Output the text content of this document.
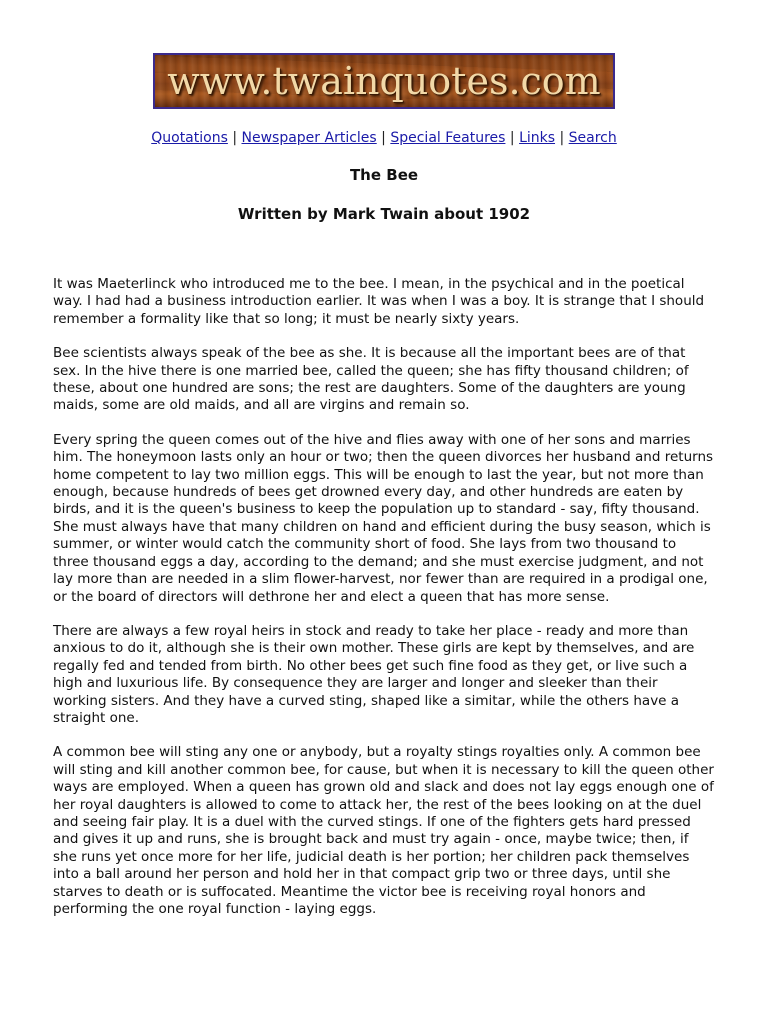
www.twainquotes.com
Quotations | Newspaper Articles | Special Features | Links | Search
The Bee
Written by Mark Twain about 1902

It was Maeterlinck who introduced me to the bee. I mean, in the psychical and in the poetical way. I had had a business introduction earlier. It was when I was a boy. It is strange that I should remember a formality like that so long; it must be nearly sixty years.

Bee scientists always speak of the bee as she. It is because all the important bees are of that sex. In the hive there is one married bee, called the queen; she has fifty thousand children; of these, about one hundred are sons; the rest are daughters. Some of the daughters are young maids, some are old maids, and all are virgins and remain so.

Every spring the queen comes out of the hive and flies away with one of her sons and marries him. The honeymoon lasts only an hour or two; then the queen divorces her husband and returns home competent to lay two million eggs. This will be enough to last the year, but not more than enough, because hundreds of bees get drowned every day, and other hundreds are eaten by birds, and it is the queen's business to keep the population up to standard - say, fifty thousand. She must always have that many children on hand and efficient during the busy season, which is summer, or winter would catch the community short of food. She lays from two thousand to three thousand eggs a day, according to the demand; and she must exercise judgment, and not lay more than are needed in a slim flower-harvest, nor fewer than are required in a prodigal one, or the board of directors will dethrone her and elect a queen that has more sense.

There are always a few royal heirs in stock and ready to take her place - ready and more than anxious to do it, although she is their own mother. These girls are kept by themselves, and are regally fed and tended from birth. No other bees get such fine food as they get, or live such a high and luxurious life. By consequence they are larger and longer and sleeker than their working sisters. And they have a curved sting, shaped like a simitar, while the others have a straight one.

A common bee will sting any one or anybody, but a royalty stings royalties only. A common bee will sting and kill another common bee, for cause, but when it is necessary to kill the queen other ways are employed. When a queen has grown old and slack and does not lay eggs enough one of her royal daughters is allowed to come to attack her, the rest of the bees looking on at the duel and seeing fair play. It is a duel with the curved stings. If one of the fighters gets hard pressed and gives it up and runs, she is brought back and must try again - once, maybe twice; then, if she runs yet once more for her life, judicial death is her portion; her children pack themselves into a ball around her person and hold her in that compact grip two or three days, until she starves to death or is suffocated. Meantime the victor bee is receiving royal honors and performing the one royal function - laying eggs.
